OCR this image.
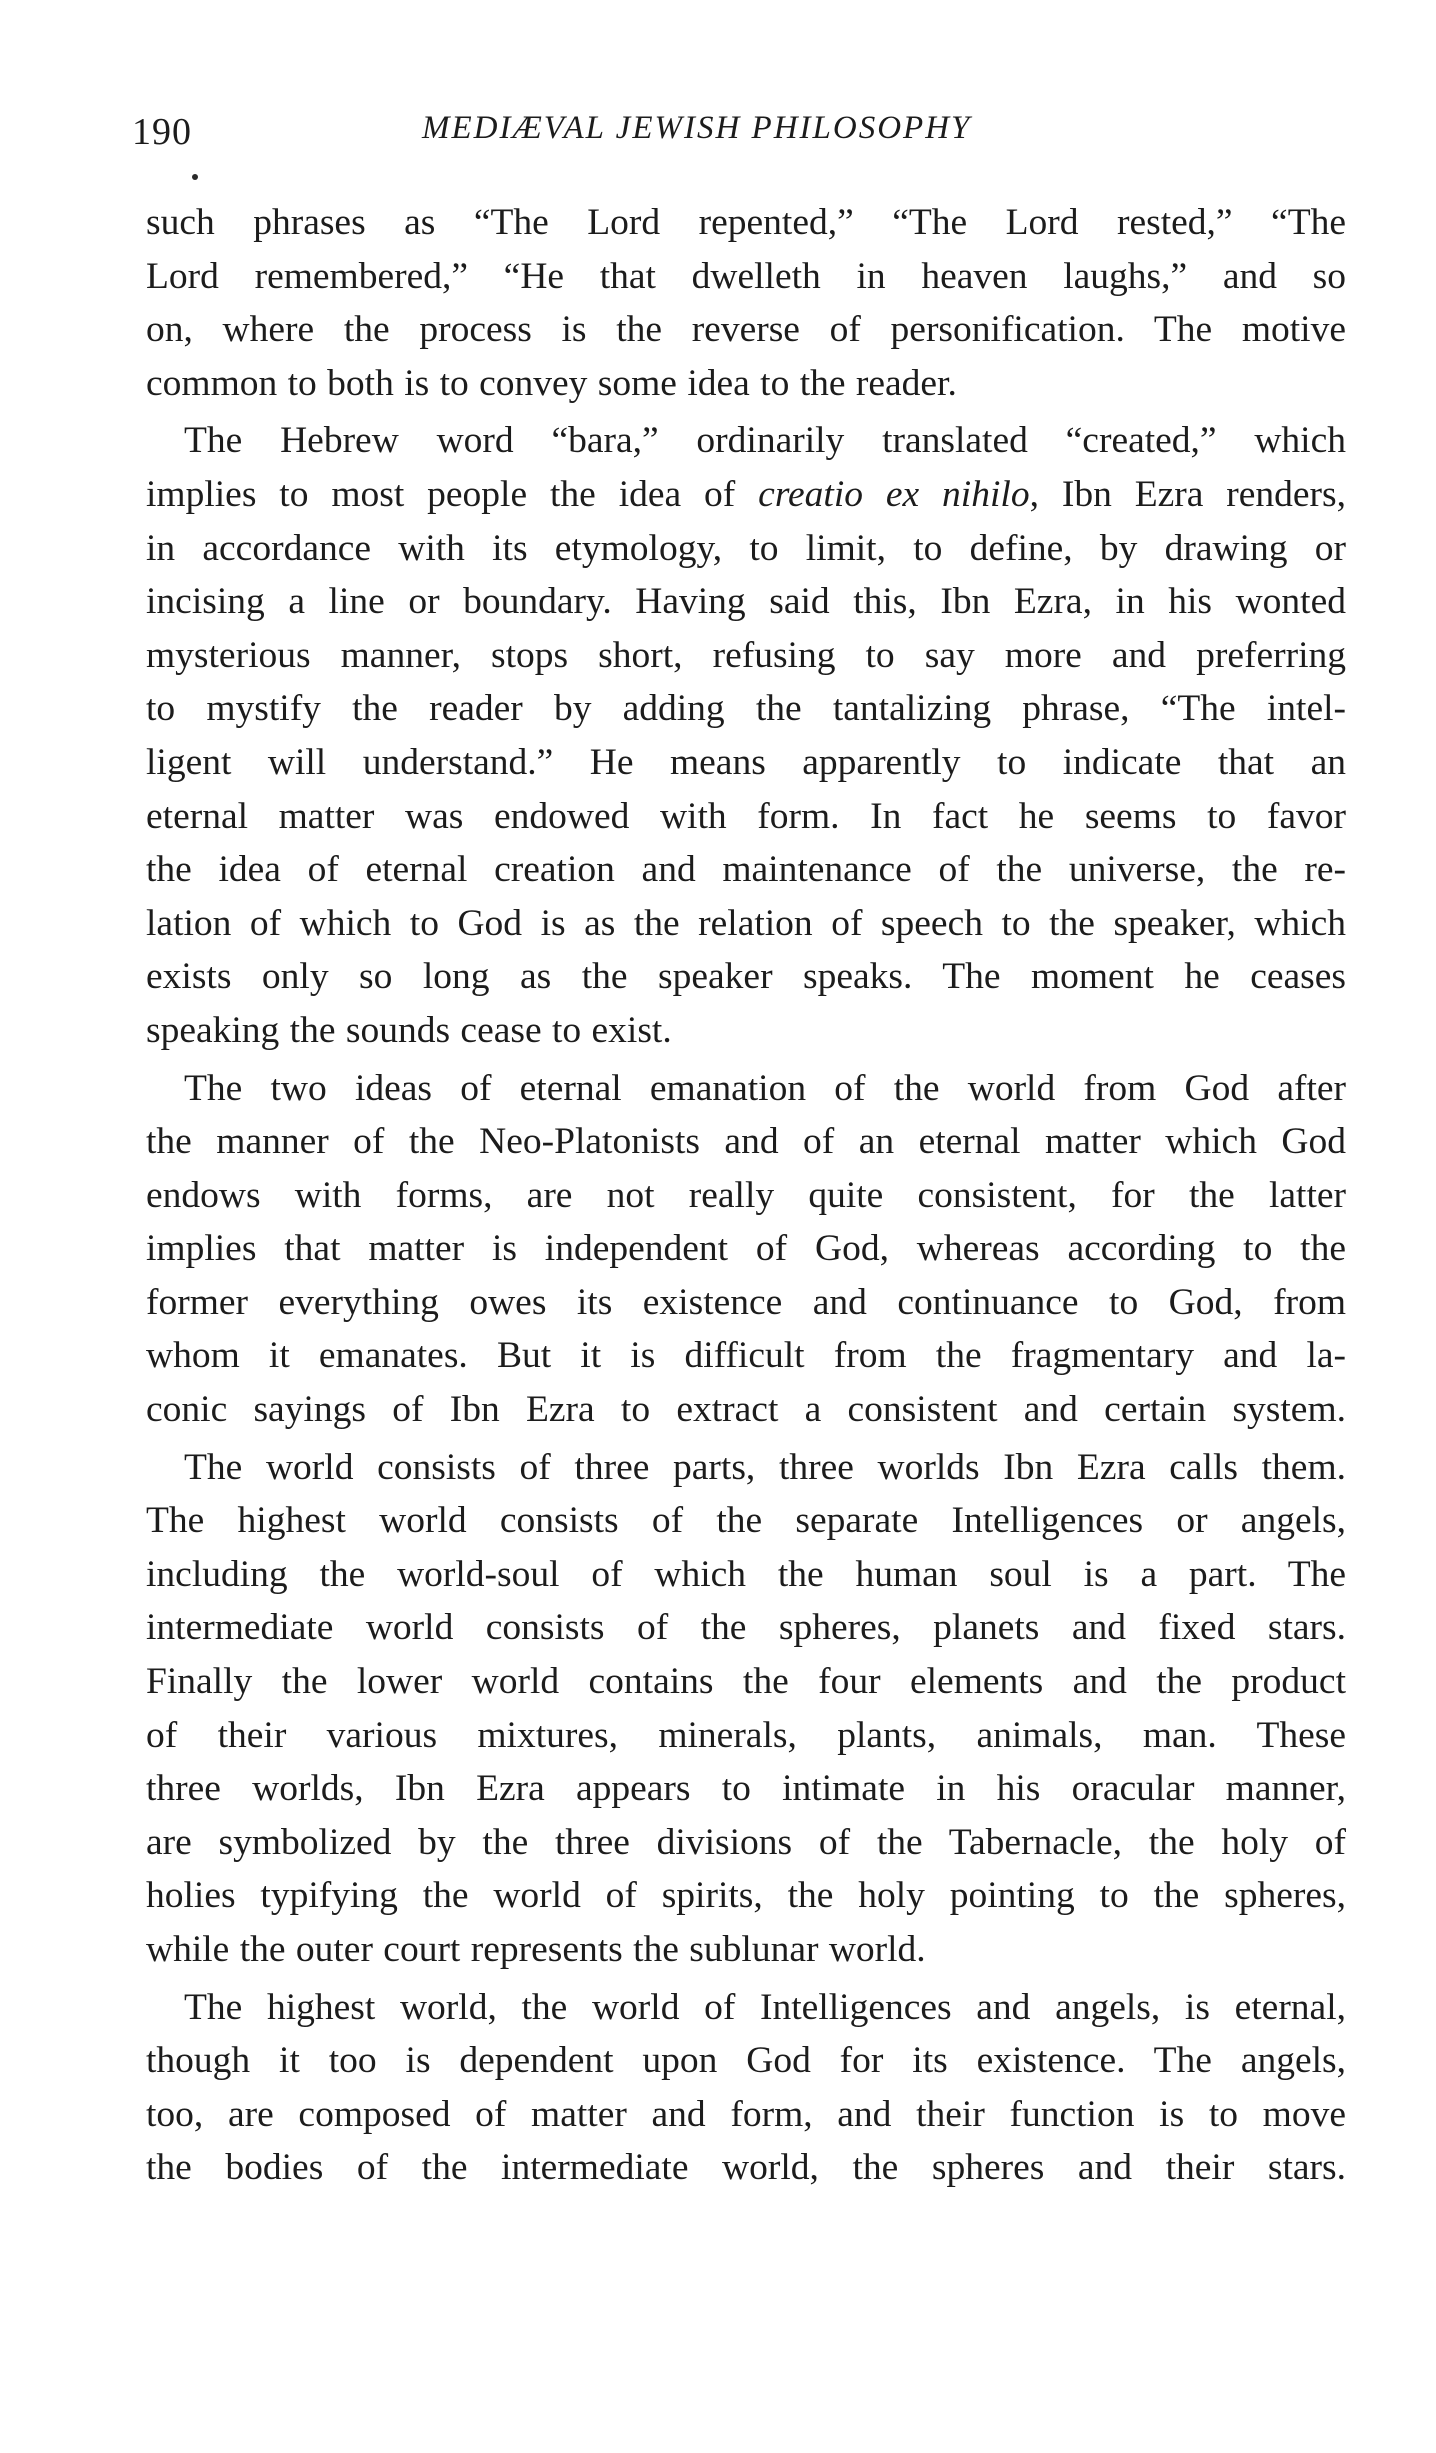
190	MEDIÆVAL JEWISH PHILOSOPHY

such phrases as “The Lord repented,” “The Lord rested,” “The
Lord remembered,” “He that dwelleth in heaven laughs,” and so
on, where the process is the reverse of personification. The motive
common to both is to convey some idea to the reader.

The Hebrew word “bara,” ordinarily translated “created,” which
implies to most people the idea of creatio ex nihilo, Ibn Ezra renders,
in accordance with its etymology, to limit, to define, by drawing or
incising a line or boundary. Having said this, Ibn Ezra, in his wonted
mysterious manner, stops short, refusing to say more and preferring
to mystify the reader by adding the tantalizing phrase, “The intel-
ligent will understand.” He means apparently to indicate that an
eternal matter was endowed with form. In fact he seems to favor
the idea of eternal creation and maintenance of the universe, the re-
lation of which to God is as the relation of speech to the speaker, which
exists only so long as the speaker speaks. The moment he ceases
speaking the sounds cease to exist.

The two ideas of eternal emanation of the world from God after
the manner of the Neo-Platonists and of an eternal matter which God
endows with forms, are not really quite consistent, for the latter
implies that matter is independent of God, whereas according to the
former everything owes its existence and continuance to God, from
whom it emanates. But it is difficult from the fragmentary and la-
conic sayings of Ibn Ezra to extract a consistent and certain system.

The world consists of three parts, three worlds Ibn Ezra calls them.
The highest world consists of the separate Intelligences or angels,
including the world-soul of which the human soul is a part. The
intermediate world consists of the spheres, planets and fixed stars.
Finally the lower world contains the four elements and the product
of their various mixtures, minerals, plants, animals, man. These
three worlds, Ibn Ezra appears to intimate in his oracular manner,
are symbolized by the three divisions of the Tabernacle, the holy of
holies typifying the world of spirits, the holy pointing to the spheres,
while the outer court represents the sublunar world.

The highest world, the world of Intelligences and angels, is eternal,
though it too is dependent upon God for its existence. The angels,
too, are composed of matter and form, and their function is to move
the bodies of the intermediate world, the spheres and their stars.
